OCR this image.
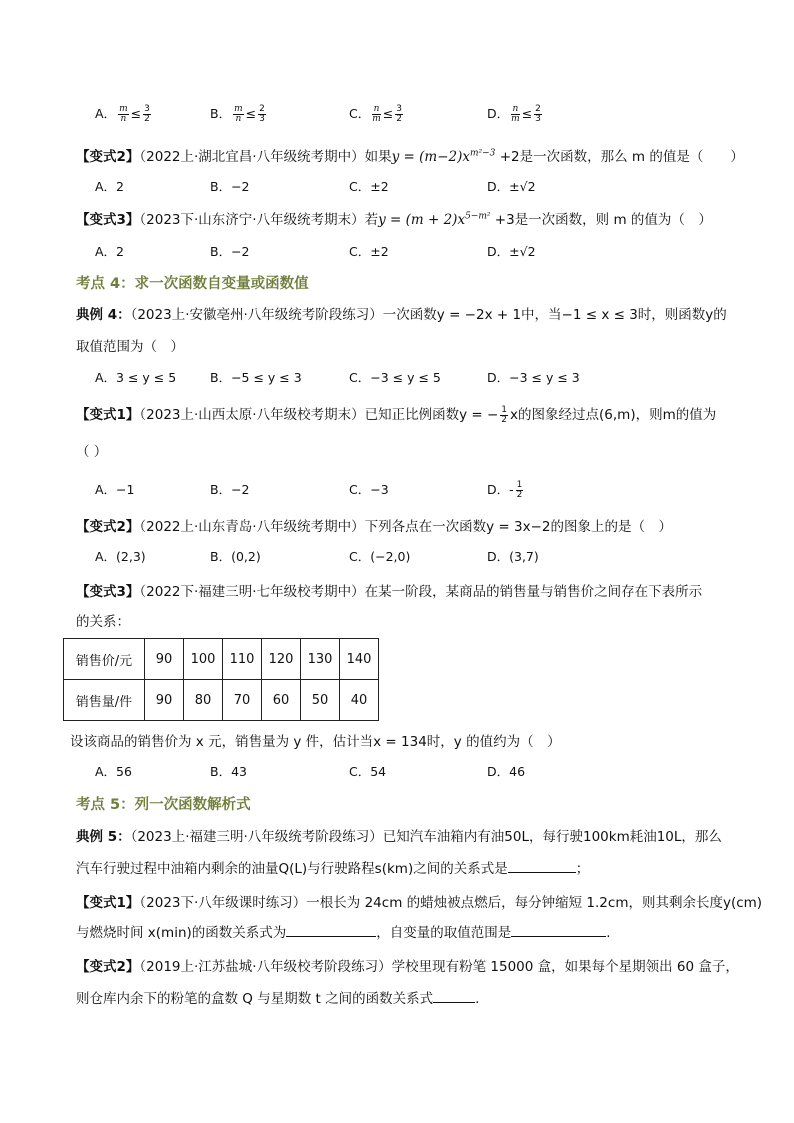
A． $\frac{m}{n} \le \frac{3}{2}$	B． $\frac{m}{n} \le \frac{2}{3}$	C． $\frac{n}{m} \le \frac{3}{2}$	D． $\frac{n}{m} \le \frac{2}{3}$
【变式2】（2022上·湖北宜昌·八年级统考期中）如果$y = (m-2)x^{m^2-3} +2$是一次函数，那么 m 的值是（　　）
A．2	B．−2	C．±2	D．±√2
【变式3】（2023下·山东济宁·八年级统考期末）若$y = (m + 2)x^{5-m^2} +3$是一次函数，则 m 的值为（　）
A．2	B．−2	C．±2	D．±√2
考点 4：求一次函数自变量或函数值
典例 4：（2023上·安徽亳州·八年级统考阶段练习）一次函数y = −2x + 1中，当−1 ≤ x ≤ 3时，则函数y的
取值范围为（　）
A．3 ≤ y ≤ 5	B．−5 ≤ y ≤ 3	C．−3 ≤ y ≤ 5	D．−3 ≤ y ≤ 3
【变式1】（2023上·山西太原·八年级校考期末）已知正比例函数y = − $\frac{1}{2}$ x的图象经过点(6,m)，则m的值为
（ ）
A．−1	B．−2	C．−3	D．- $\frac{1}{2}$
【变式2】（2022上·山东青岛·八年级统考期中）下列各点在一次函数y = 3x−2的图象上的是（　）
A．(2,3)	B．(0,2)	C．(−2,0)	D．(3,7)
【变式3】（2022下·福建三明·七年级校考期中）在某一阶段，某商品的销售量与销售价之间存在下表所示
的关系：
销售价/元	90	100	110	120	130	140
销售量/件	90	80	70	60	50	40
设该商品的销售价为 x 元，销售量为 y 件，估计当x = 134时，y 的值约为（　）
A．56	B．43	C．54	D．46
考点 5：列一次函数解析式
典例 5：（2023上·福建三明·八年级统考阶段练习）已知汽车油箱内有油50L，每行驶100km耗油10L，那么
汽车行驶过程中油箱内剩余的油量Q(L)与行驶路程s(km)之间的关系式是	；
【变式1】（2023下·八年级课时练习）一根长为 24cm 的蜡烛被点燃后，每分钟缩短 1.2cm，则其剩余长度y(cm)
与燃烧时间 x(min)的函数关系式为	，自变量的取值范围是	.
【变式2】（2019上·江苏盐城·八年级校考阶段练习）学校里现有粉笔 15000 盒，如果每个星期领出 60 盒子，
则仓库内余下的粉笔的盒数 Q 与星期数 t 之间的函数关系式	.
